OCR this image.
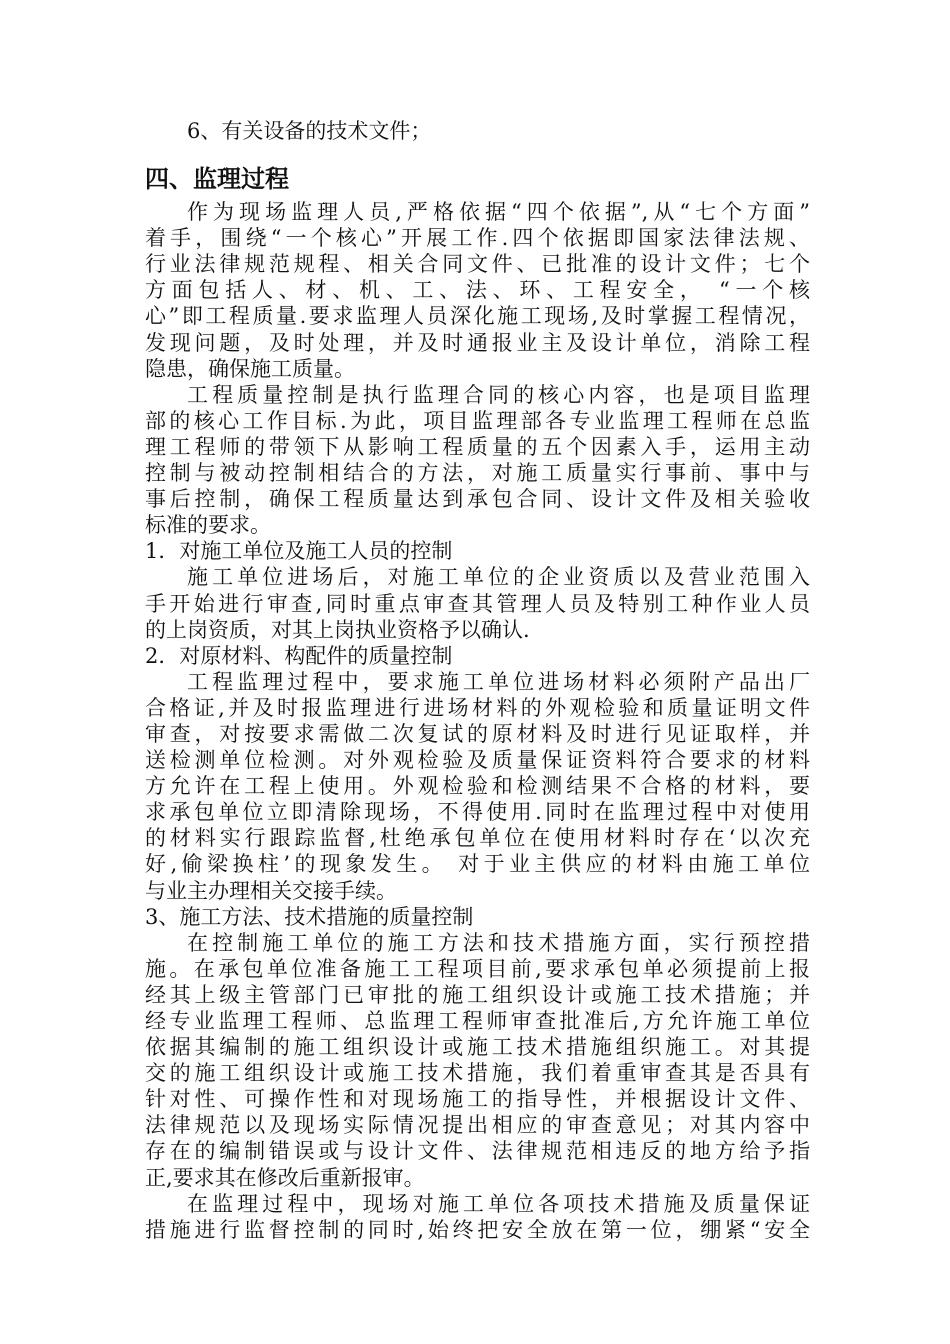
6、有关设备的技术文件；
四、监理过程
作为现场监理人员,严格依据“四个依据”,从“七个方面”
着手，围绕“一个核心”开展工作.四个依据即国家法律法规、
行业法律规范规程、相关合同文件、已批准的设计文件；七个
方面包括人、材、机、工、法、环、工程安全， “一个核
心”即工程质量.要求监理人员深化施工现场,及时掌握工程情况，
发现问题，及时处理，并及时通报业主及设计单位，消除工程
隐患，确保施工质量。
工程质量控制是执行监理合同的核心内容，也是项目监理
部的核心工作目标.为此，项目监理部各专业监理工程师在总监
理工程师的带领下从影响工程质量的五个因素入手，运用主动
控制与被动控制相结合的方法，对施工质量实行事前、事中与
事后控制，确保工程质量达到承包合同、设计文件及相关验收
标准的要求。
1．对施工单位及施工人员的控制
施工单位进场后，对施工单位的企业资质以及营业范围入
手开始进行审查,同时重点审查其管理人员及特别工种作业人员
的上岗资质，对其上岗执业资格予以确认.
2．对原材料、构配件的质量控制
工程监理过程中，要求施工单位进场材料必须附产品出厂
合格证,并及时报监理进行进场材料的外观检验和质量证明文件
审查，对按要求需做二次复试的原材料及时进行见证取样，并
送检测单位检测。对外观检验及质量保证资料符合要求的材料
方允许在工程上使用。外观检验和检测结果不合格的材料，要
求承包单位立即清除现场，不得使用.同时在监理过程中对使用
的材料实行跟踪监督,杜绝承包单位在使用材料时存在‘以次充
好,偷梁换柱’的现象发生。 对于业主供应的材料由施工单位
与业主办理相关交接手续。
3、施工方法、技术措施的质量控制
在控制施工单位的施工方法和技术措施方面，实行预控措
施。在承包单位准备施工工程项目前,要求承包单必须提前上报
经其上级主管部门已审批的施工组织设计或施工技术措施；并
经专业监理工程师、总监理工程师审查批准后,方允许施工单位
依据其编制的施工组织设计或施工技术措施组织施工。对其提
交的施工组织设计或施工技术措施，我们着重审查其是否具有
针对性、可操作性和对现场施工的指导性，并根据设计文件、
法律规范以及现场实际情况提出相应的审查意见；对其内容中
存在的编制错误或与设计文件、法律规范相违反的地方给予指
正,要求其在修改后重新报审。
在监理过程中，现场对施工单位各项技术措施及质量保证
措施进行监督控制的同时,始终把安全放在第一位，绷紧“安全
